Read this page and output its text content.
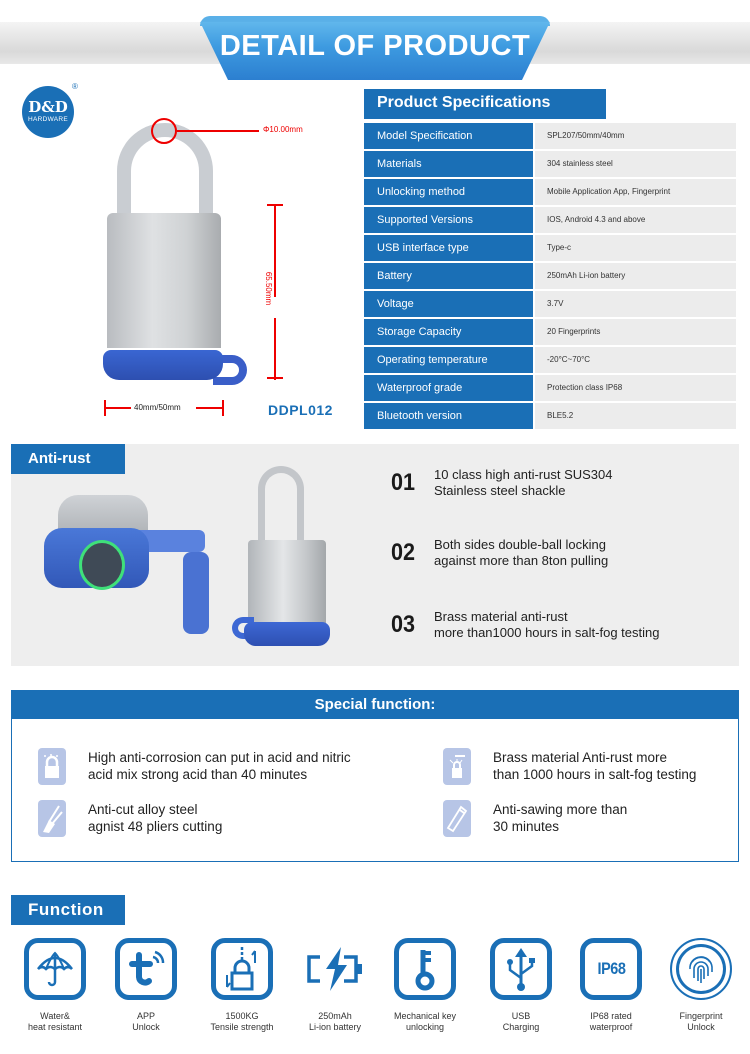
DETAIL OF PRODUCT
D&D
HARDWARE
®
Φ10.00mm
65.50mm
40mm/50mm	DDPL012
Product Specifications
Model Specification	SPL207/50mm/40mm
Materials	304 stainless steel
Unlocking method	Mobile Application App, Fingerprint
Supported Versions	IOS, Android 4.3 and above
USB interface type	Type-c
Battery	250mAh Li-ion battery
Voltage	3.7V
Storage Capacity	20 Fingerprints
Operating temperature	-20°C~70°C
Waterproof grade	Protection class IP68
Bluetooth version	BLE5.2
Anti-rust
01	10 class high anti-rust SUS304
Stainless steel shackle
02	Both sides double-ball locking
against more than 8ton pulling
03	Brass material anti-rust
more than1000 hours in salt-fog testing
Special function:
High anti-corrosion can put in acid and nitric
acid mix strong acid than 40 minutes
Brass material Anti-rust more
than 1000 hours in salt-fog testing
Anti-cut alloy steel
agnist 48 pliers cutting
Anti-sawing more than
30 minutes
Function
Water&
heat resistant
APP
Unlock
1500KG
Tensile strength
250mAh
Li-ion battery
Mechanical key
unlocking
USB
Charging
IP68
IP68 rated
waterproof
Fingerprint
Unlock
